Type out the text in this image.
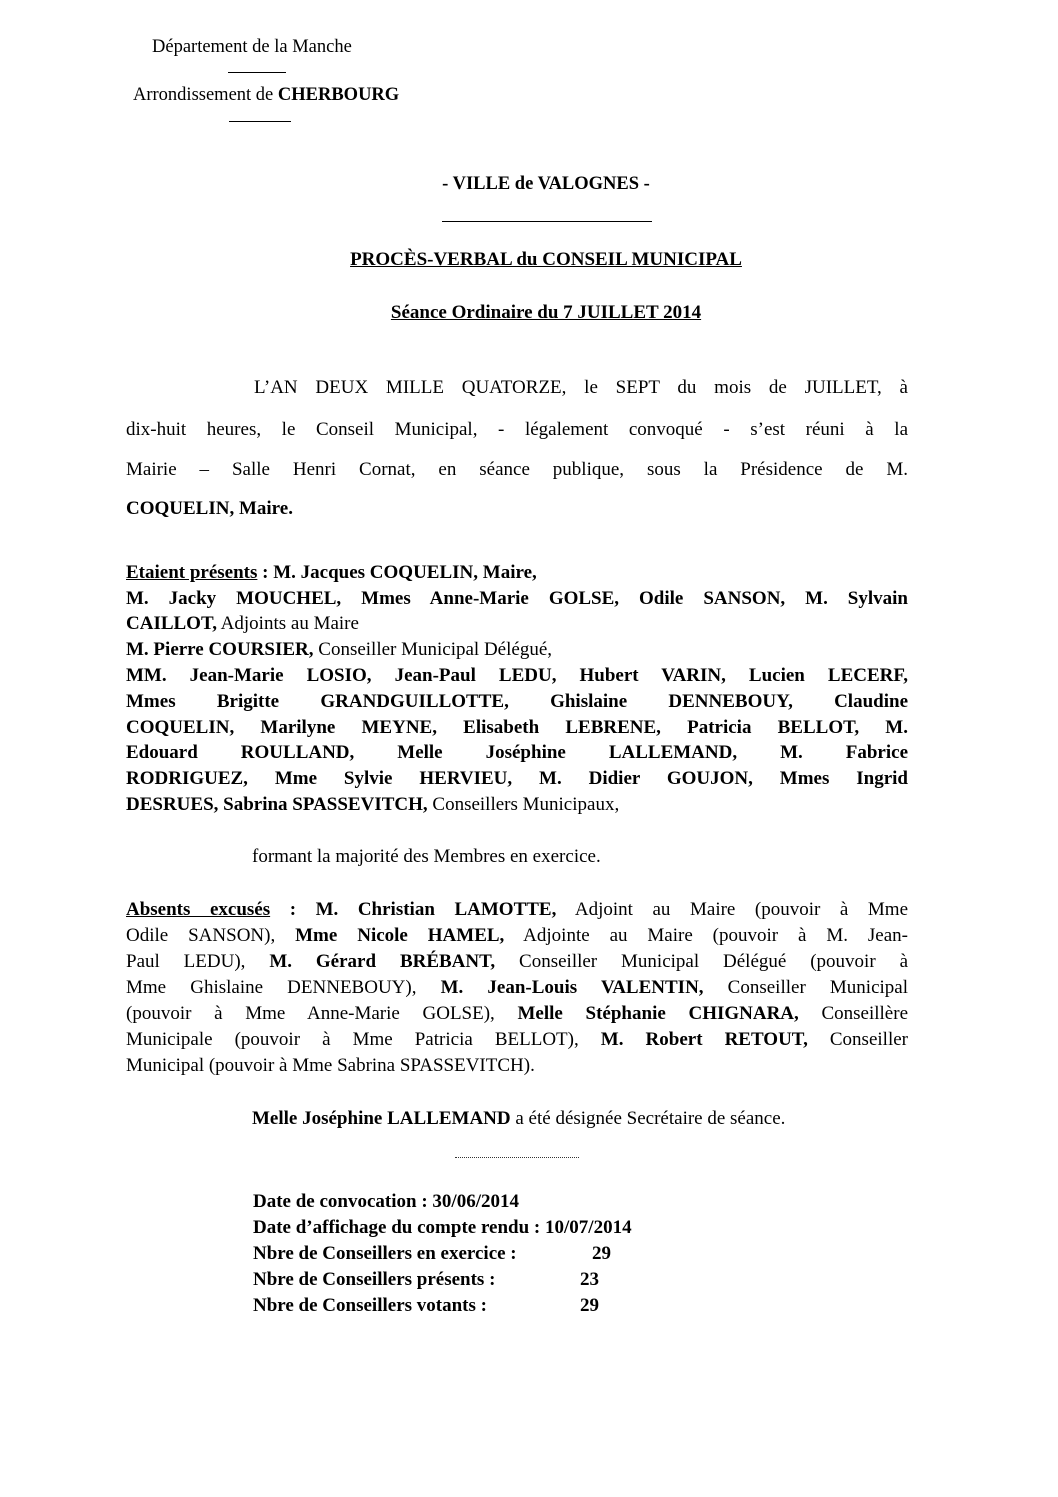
Département de la Manche
Arrondissement de CHERBOURG
- VILLE de VALOGNES -
PROCÈS-VERBAL du CONSEIL MUNICIPAL
Séance Ordinaire du 7 JUILLET 2014
L’AN DEUX MILLE QUATORZE, le SEPT du mois de JUILLET, à
dix-huit heures, le Conseil Municipal, - légalement convoqué - s’est réuni à la
Mairie – Salle Henri Cornat, en séance publique, sous la Présidence de M.
COQUELIN, Maire.
Etaient présents : M. Jacques COQUELIN, Maire,
M. Jacky MOUCHEL, Mmes Anne-Marie GOLSE, Odile SANSON, M. Sylvain
CAILLOT, Adjoints au Maire
M. Pierre COURSIER, Conseiller Municipal Délégué,
MM. Jean-Marie LOSIO, Jean-Paul LEDU, Hubert VARIN, Lucien LECERF,
Mmes Brigitte GRANDGUILLOTTE, Ghislaine DENNEBOUY, Claudine
COQUELIN, Marilyne MEYNE, Elisabeth LEBRENE, Patricia BELLOT, M.
Edouard ROULLAND, Melle Joséphine LALLEMAND, M. Fabrice
RODRIGUEZ, Mme Sylvie HERVIEU, M. Didier GOUJON, Mmes Ingrid
DESRUES, Sabrina SPASSEVITCH, Conseillers Municipaux,
formant la majorité des Membres en exercice.
Absents excusés : M. Christian LAMOTTE, Adjoint au Maire (pouvoir à Mme
Odile SANSON), Mme Nicole HAMEL, Adjointe au Maire (pouvoir à M. Jean-
Paul LEDU), M. Gérard BRÉBANT, Conseiller Municipal Délégué (pouvoir à
Mme Ghislaine DENNEBOUY), M. Jean-Louis VALENTIN, Conseiller Municipal
(pouvoir à Mme Anne-Marie GOLSE), Melle Stéphanie CHIGNARA, Conseillère
Municipale (pouvoir à Mme Patricia BELLOT), M. Robert RETOUT, Conseiller
Municipal (pouvoir à Mme Sabrina SPASSEVITCH).
Melle Joséphine LALLEMAND a été désignée Secrétaire de séance.
Date de convocation : 30/06/2014
Date d’affichage du compte rendu : 10/07/2014
Nbre de Conseillers en exercice :	29
Nbre de Conseillers présents :	23
Nbre de Conseillers votants :	29
